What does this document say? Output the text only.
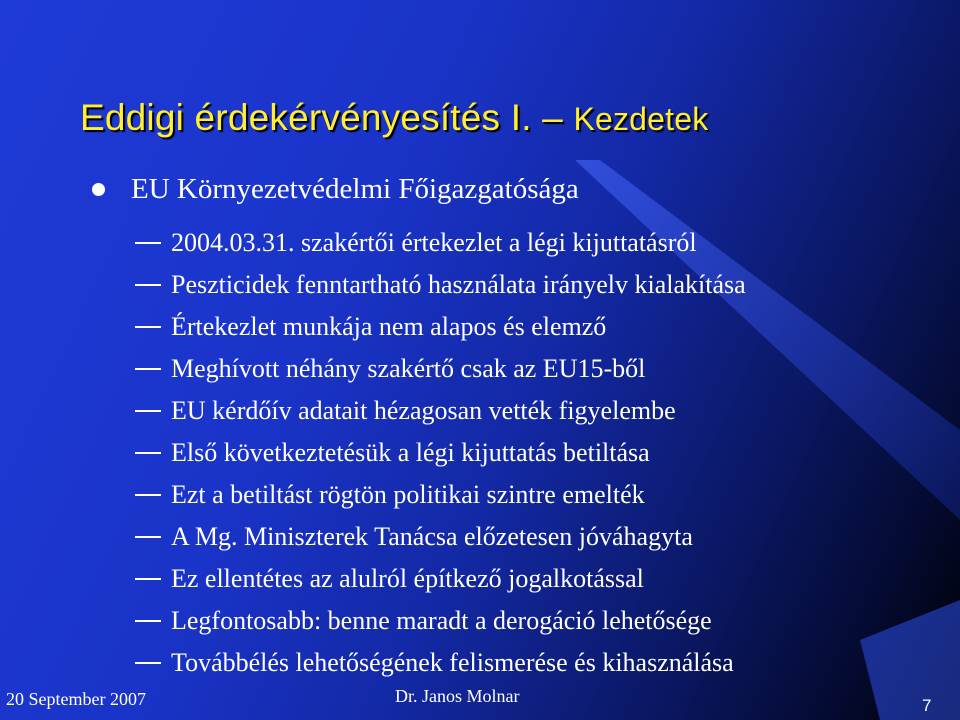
Eddigi érdekérvényesítés I. – Kezdetek
EU Környezetvédelmi Főigazgatósága
2004.03.31. szakértői értekezlet a légi kijuttatásról
Peszticidek fenntartható használata irányelv kialakítása
Értekezlet munkája nem alapos és elemző
Meghívott néhány szakértő csak az EU15-ből
EU kérdőív adatait hézagosan vették figyelembe
Első következtetésük a légi kijuttatás betiltása
Ezt a betiltást rögtön politikai szintre emelték
A Mg. Miniszterek Tanácsa előzetesen jóváhagyta
Ez ellentétes az alulról építkező jogalkotással
Legfontosabb: benne maradt a derogáció lehetősége
Továbbélés lehetőségének felismerése és kihasználása
20 September 2007	Dr. Janos Molnar	7
